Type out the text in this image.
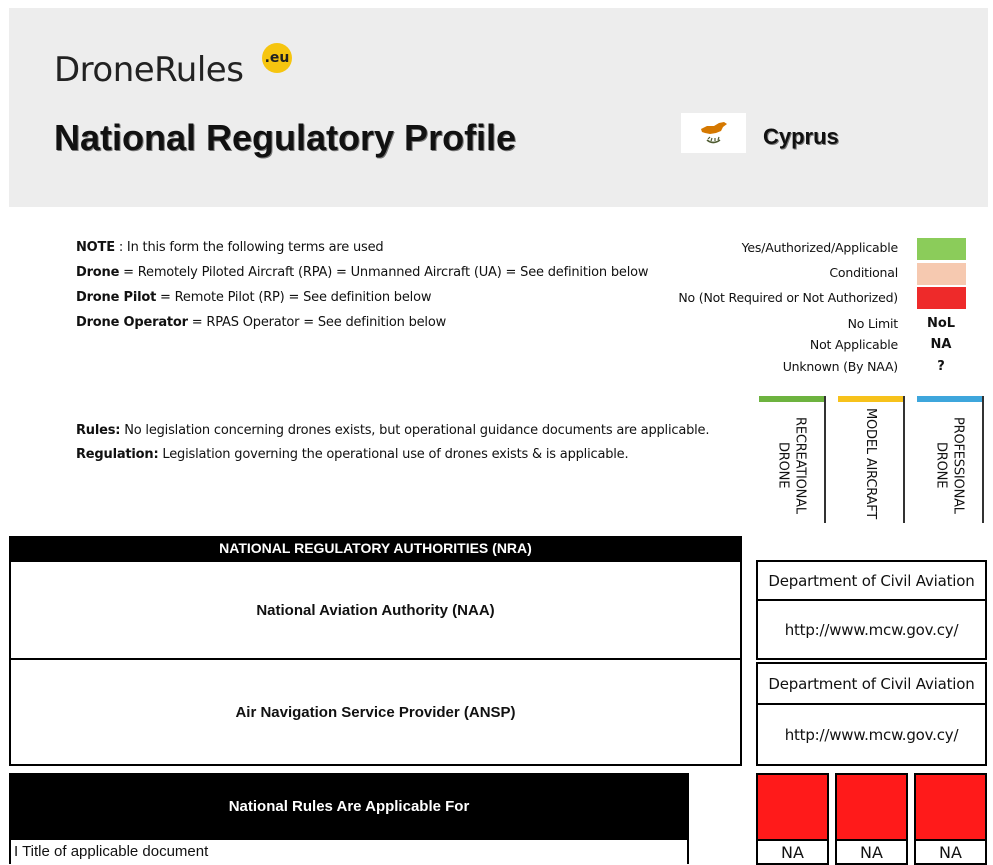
DroneRules .eu
National Regulatory Profile	Cyprus
NOTE : In this form the following terms are used
Drone = Remotely Piloted Aircraft (RPA) = Unmanned Aircraft (UA) = See definition below
Drone Pilot = Remote Pilot (RP) = See definition below
Drone Operator = RPAS Operator = See definition below
Rules: No legislation concerning drones exists, but operational guidance documents are applicable.
Regulation: Legislation governing the operational use of drones exists & is applicable.
Yes/Authorized/Applicable
Conditional
No (Not Required or Not Authorized)
No Limit	NoL
Not Applicable	NA
Unknown (By NAA)	?
RECREATIONAL DRONE	MODEL AIRCRAFT	PROFESSIONAL DRONE
NATIONAL REGULATORY AUTHORITIES (NRA)
National Aviation Authority (NAA)
Air Navigation Service Provider (ANSP)
Department of Civil Aviation
http://www.mcw.gov.cy/
Department of Civil Aviation
http://www.mcw.gov.cy/
National Rules Are Applicable For
I Title of applicable document	NA	NA	NA
